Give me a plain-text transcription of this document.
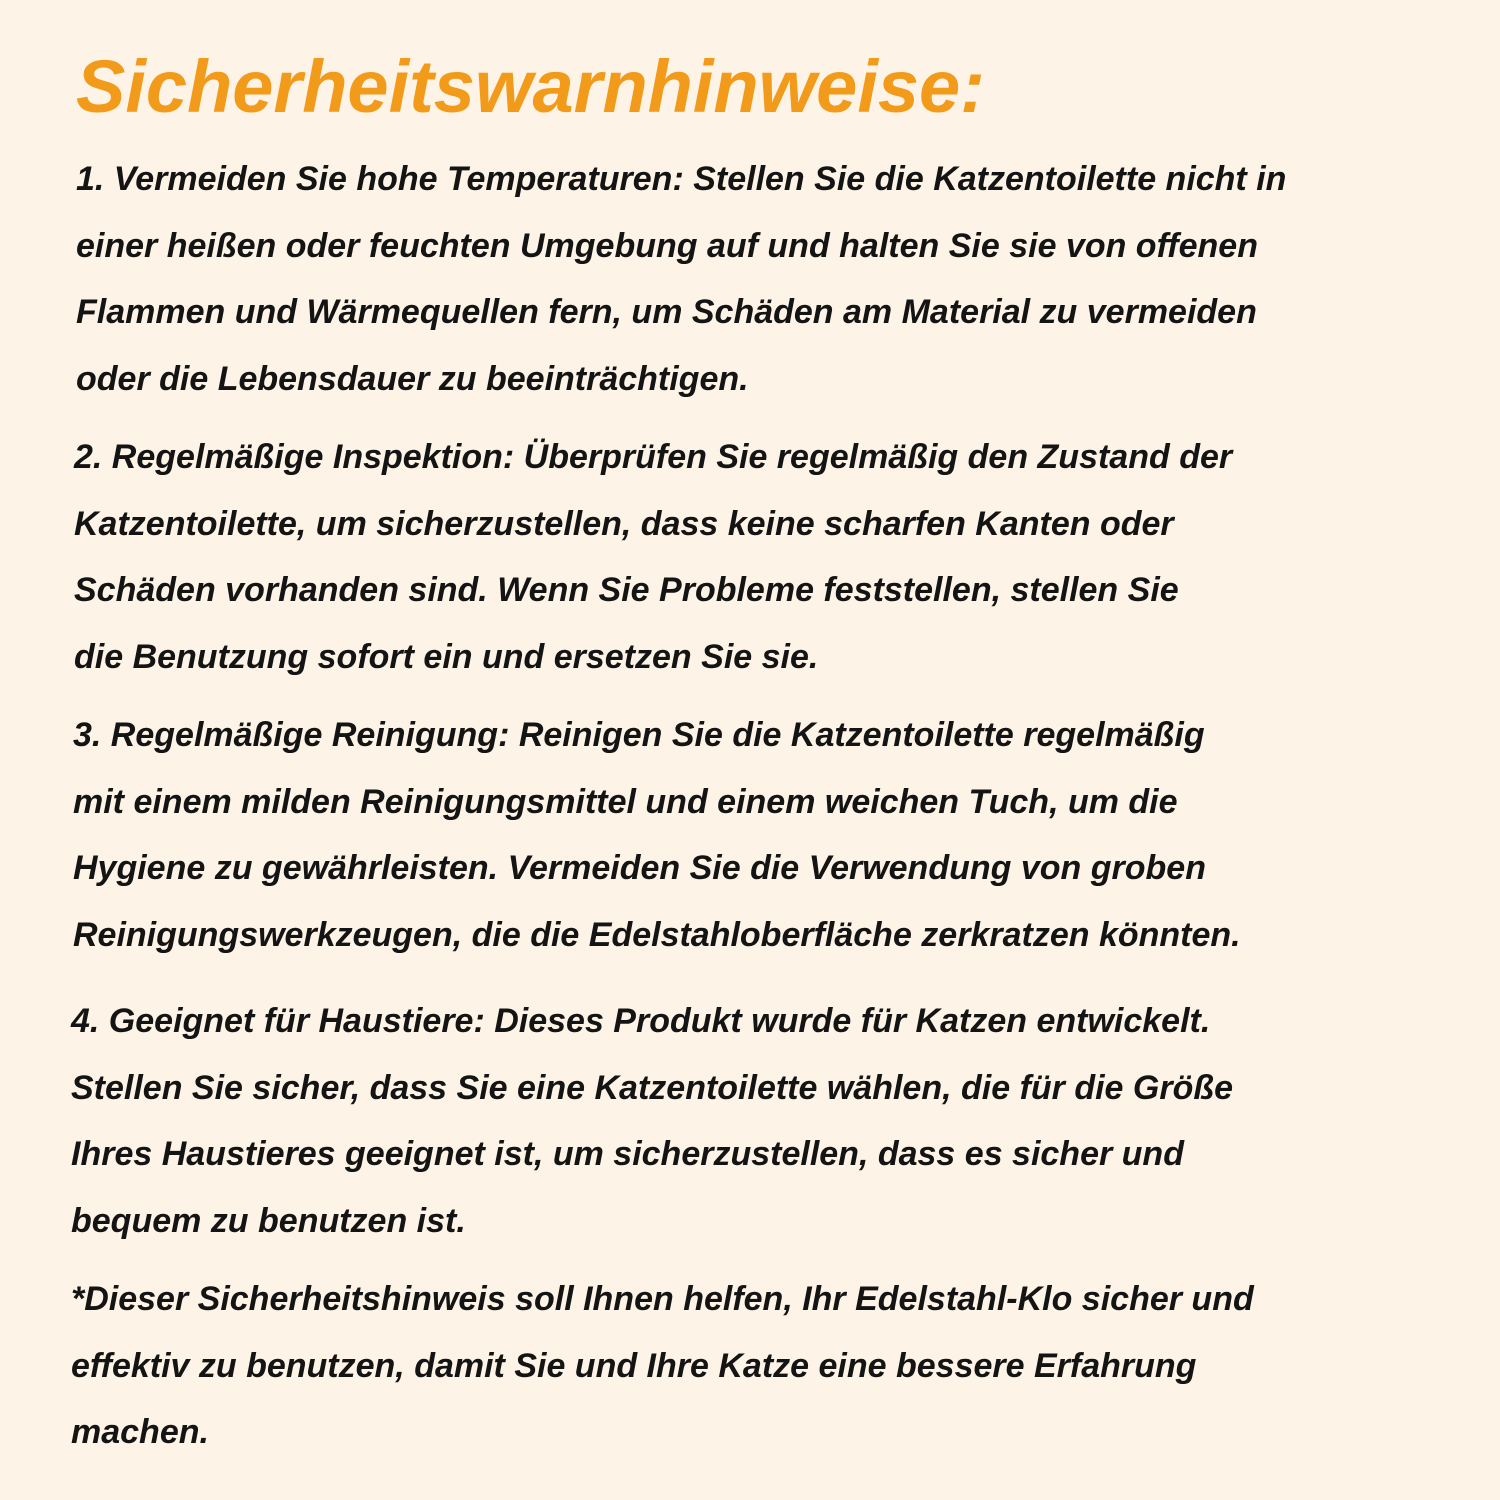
Sicherheitswarnhinweise:

1. Vermeiden Sie hohe Temperaturen: Stellen Sie die Katzentoilette nicht in
einer heißen oder feuchten Umgebung auf und halten Sie sie von offenen
Flammen und Wärmequellen fern, um Schäden am Material zu vermeiden
oder die Lebensdauer zu beeinträchtigen.

2. Regelmäßige Inspektion: Überprüfen Sie regelmäßig den Zustand der
Katzentoilette, um sicherzustellen, dass keine scharfen Kanten oder
Schäden vorhanden sind. Wenn Sie Probleme feststellen, stellen Sie
die Benutzung sofort ein und ersetzen Sie sie.

3. Regelmäßige Reinigung: Reinigen Sie die Katzentoilette regelmäßig
mit einem milden Reinigungsmittel und einem weichen Tuch, um die
Hygiene zu gewährleisten. Vermeiden Sie die Verwendung von groben
Reinigungswerkzeugen, die die Edelstahloberfläche zerkratzen könnten.

4. Geeignet für Haustiere: Dieses Produkt wurde für Katzen entwickelt.
Stellen Sie sicher, dass Sie eine Katzentoilette wählen, die für die Größe
Ihres Haustieres geeignet ist, um sicherzustellen, dass es sicher und
bequem zu benutzen ist.

*Dieser Sicherheitshinweis soll Ihnen helfen, Ihr Edelstahl-Klo sicher und
effektiv zu benutzen, damit Sie und Ihre Katze eine bessere Erfahrung
machen.
